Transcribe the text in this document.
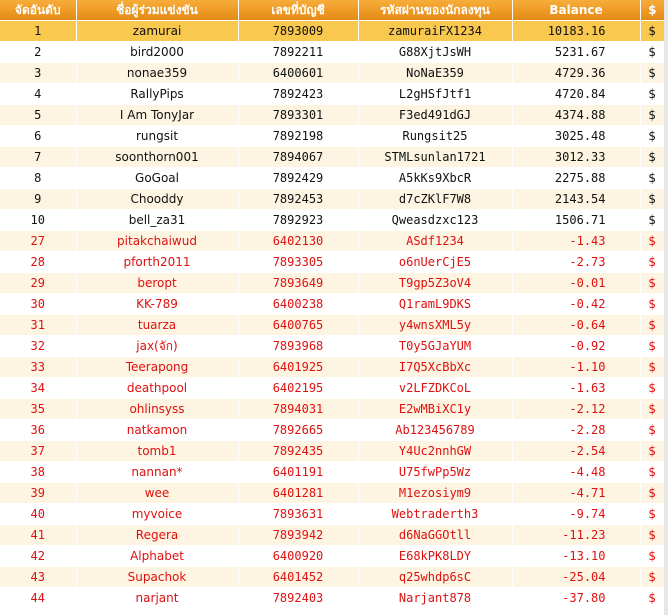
จัดอันดับ	ชื่อผู้ร่วมแข่งขัน	เลขที่บัญชี	รหัสผ่านของนักลงทุน	Balance	$
1	zamurai	7893009	zamuraiFX1234	10183.16	$
2	bird2000	7892211	G88XjtJsWH	5231.67	$
3	nonae359	6400601	NoNaE359	4729.36	$
4	RallyPips	7892423	L2gHSfJtf1	4720.84	$
5	I Am TonyJar	7893301	F3ed491dGJ	4374.88	$
6	rungsit	7892198	Rungsit25	3025.48	$
7	soonthorn001	7894067	STMLsunlan1721	3012.33	$
8	GoGoal	7892429	A5kKs9XbcR	2275.88	$
9	Chooddy	7892453	d7cZKlF7W8	2143.54	$
10	bell_za31	7892923	Qweasdzxc123	1506.71	$
27	pitakchaiwud	6402130	ASdf1234	-1.43	$
28	pforth2011	7893305	o6nUerCjE5	-2.73	$
29	beropt	7893649	T9gp5Z3oV4	-0.01	$
30	KK-789	6400238	Q1ramL9DKS	-0.42	$
31	tuarza	6400765	y4wnsXML5y	-0.64	$
32	jax(จัก)	7893968	T0y5GJaYUM	-0.92	$
33	Teerapong	6401925	I7Q5XcBbXc	-1.10	$
34	deathpool	6402195	v2LFZDKCoL	-1.63	$
35	ohlinsyss	7894031	E2wMBiXC1y	-2.12	$
36	natkamon	7892665	Ab123456789	-2.28	$
37	tomb1	7892435	Y4Uc2nnhGW	-2.54	$
38	nannan*	6401191	U75fwPp5Wz	-4.48	$
39	wee	6401281	M1ezosiym9	-4.71	$
40	myvoice	7893631	Webtraderth3	-9.74	$
41	Regera	7893942	d6NaGGOtll	-11.23	$
42	Alphabet	6400920	E68kPK8LDY	-13.10	$
43	Supachok	6401452	q25whdp6sC	-25.04	$
44	narjant	7892403	Narjant878	-37.80	$
